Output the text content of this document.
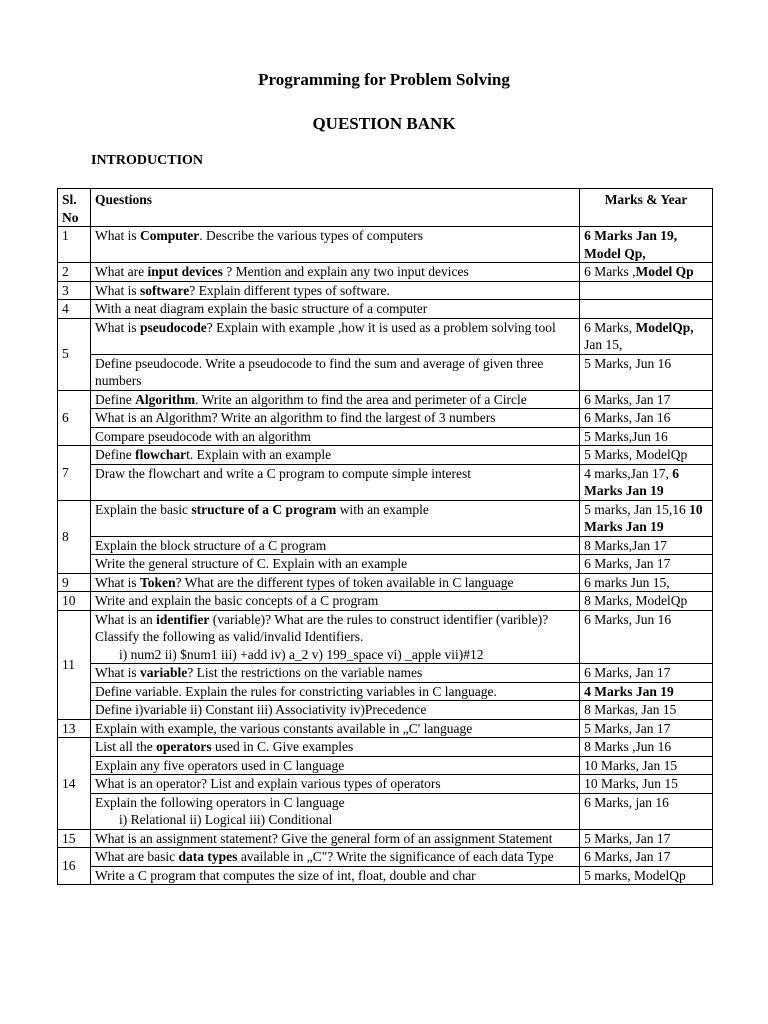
Programming for Problem Solving
QUESTION BANK
INTRODUCTION
Sl. No	Questions	Marks & Year
1	What is Computer. Describe the various types of computers	6 Marks Jan 19, Model Qp,
2	What are input devices ? Mention and explain any two input devices	6 Marks ,Model Qp
3	What is software? Explain different types of software.	
4	With a neat diagram explain the basic structure of a computer	
5	What is pseudocode? Explain with example ,how it is used as a problem solving tool	6 Marks, ModelQp, Jan 15,
	Define pseudocode. Write a pseudocode to find the sum and average of given three numbers	5 Marks, Jun 16
6	Define Algorithm. Write an algorithm to find the area and perimeter of a Circle	6 Marks, Jan 17
	What is an Algorithm? Write an algorithm to find the largest of 3 numbers	6 Marks, Jan 16
	Compare pseudocode with an algorithm	5 Marks,Jun 16
7	Define flowchart. Explain with an example	5 Marks, ModelQp
	Draw the flowchart and write a C program to compute simple interest	4 marks,Jan 17, 6 Marks Jan 19
8	Explain the basic structure of a C program with an example	5 marks, Jan 15,16 10 Marks Jan 19
	Explain the block structure of a C program	8 Marks,Jan 17
	Write the general structure of C. Explain with an example	6 Marks, Jan 17
9	What is Token? What are the different types of token available in C language	6 marks Jun 15,
10	Write and explain the basic concepts of a C program	8 Marks, ModelQp
11	What is an identifier (variable)? What are the rules to construct identifier (varible)? Classify the following as valid/invalid Identifiers.
i) num2 ii) $num1 iii) +add iv) a_2 v) 199_space vi) _apple vii)#12	6 Marks, Jun 16
	What is variable? List the restrictions on the variable names	6 Marks, Jan 17
	Define variable. Explain the rules for constricting variables in C language.	4 Marks Jan 19
	Define i)variable ii) Constant iii) Associativity iv)Precedence	8 Markas, Jan 15
13	Explain with example, the various constants available in „C' language	5 Marks, Jan 17
14	List all the operators used in C. Give examples	8 Marks ,Jun 16
	Explain any five operators used in C language	10 Marks, Jan 15
	What is an operator? List and explain various types of operators	10 Marks, Jun 15
	Explain the following operators in C language
i) Relational ii) Logical iii) Conditional	6 Marks, jan 16
15	What is an assignment statement? Give the general form of an assignment Statement	5 Marks, Jan 17
16	What are basic data types available in „C"? Write the significance of each data Type	6 Marks, Jan 17
	Write a C program that computes the size of int, float, double and char	5 marks, ModelQp
